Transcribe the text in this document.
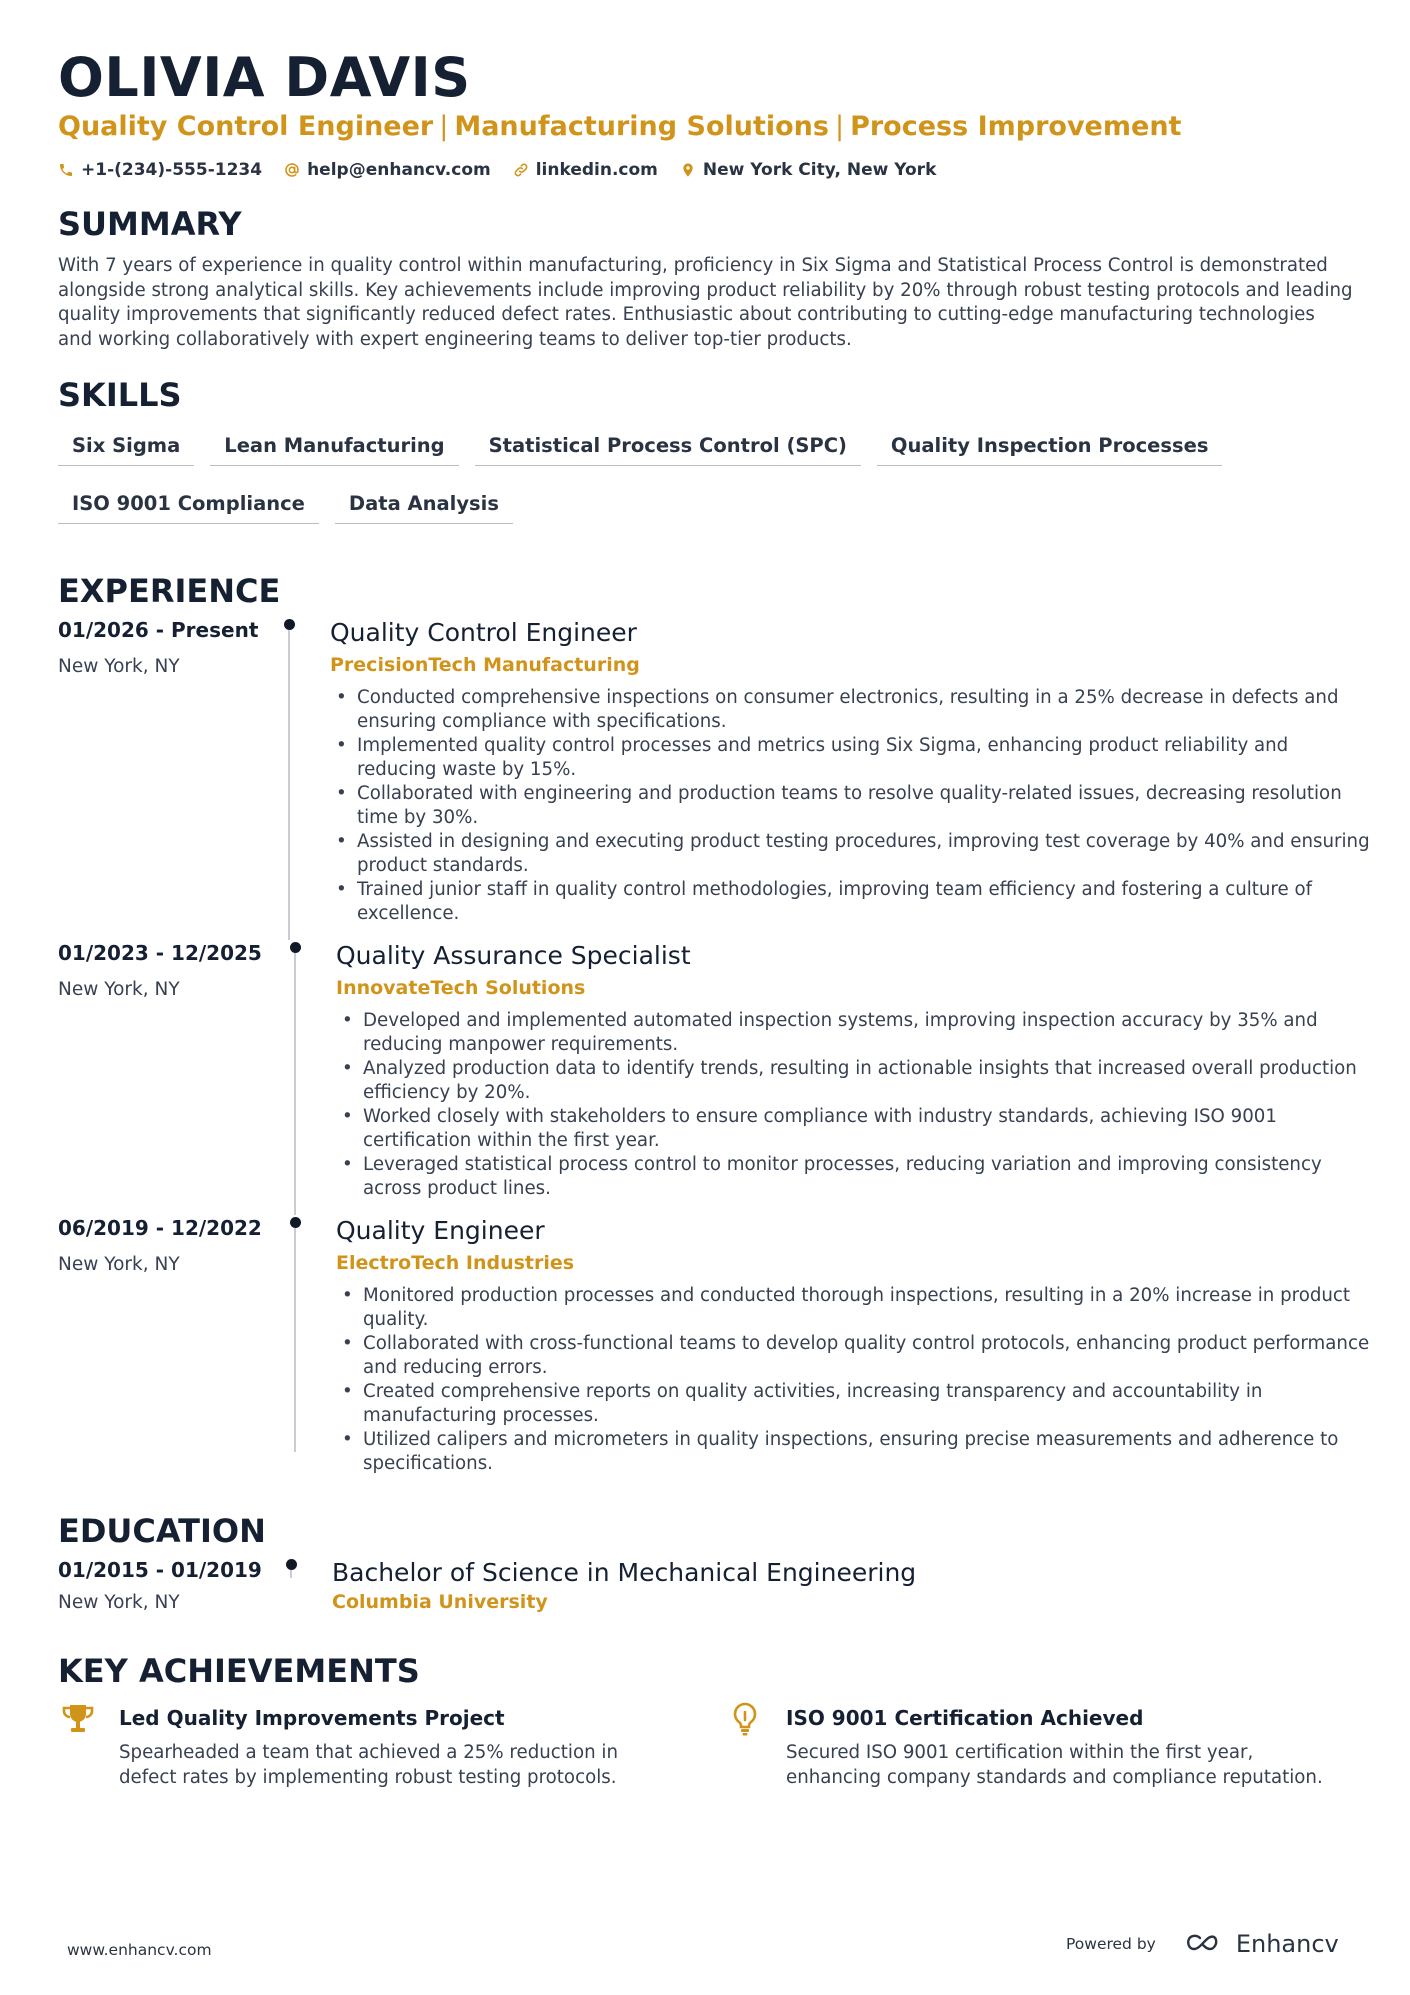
OLIVIA DAVIS
Quality Control Engineer | Manufacturing Solutions | Process Improvement
+1-(234)-555-1234	help@enhancv.com	linkedin.com	New York City, New York
SUMMARY
With 7 years of experience in quality control within manufacturing, proficiency in Six Sigma and Statistical Process Control is demonstrated alongside strong analytical skills. Key achievements include improving product reliability by 20% through robust testing protocols and leading quality improvements that significantly reduced defect rates. Enthusiastic about contributing to cutting-edge manufacturing technologies and working collaboratively with expert engineering teams to deliver top-tier products.
SKILLS
Six Sigma	Lean Manufacturing	Statistical Process Control (SPC)	Quality Inspection Processes
ISO 9001 Compliance	Data Analysis
EXPERIENCE
01/2026 - Present
New York, NY
Quality Control Engineer
PrecisionTech Manufacturing
• Conducted comprehensive inspections on consumer electronics, resulting in a 25% decrease in defects and ensuring compliance with specifications.
• Implemented quality control processes and metrics using Six Sigma, enhancing product reliability and reducing waste by 15%.
• Collaborated with engineering and production teams to resolve quality-related issues, decreasing resolution time by 30%.
• Assisted in designing and executing product testing procedures, improving test coverage by 40% and ensuring product standards.
• Trained junior staff in quality control methodologies, improving team efficiency and fostering a culture of excellence.
01/2023 - 12/2025
New York, NY
Quality Assurance Specialist
InnovateTech Solutions
• Developed and implemented automated inspection systems, improving inspection accuracy by 35% and reducing manpower requirements.
• Analyzed production data to identify trends, resulting in actionable insights that increased overall production efficiency by 20%.
• Worked closely with stakeholders to ensure compliance with industry standards, achieving ISO 9001 certification within the first year.
• Leveraged statistical process control to monitor processes, reducing variation and improving consistency across product lines.
06/2019 - 12/2022
New York, NY
Quality Engineer
ElectroTech Industries
• Monitored production processes and conducted thorough inspections, resulting in a 20% increase in product quality.
• Collaborated with cross-functional teams to develop quality control protocols, enhancing product performance and reducing errors.
• Created comprehensive reports on quality activities, increasing transparency and accountability in manufacturing processes.
• Utilized calipers and micrometers in quality inspections, ensuring precise measurements and adherence to specifications.
EDUCATION
01/2015 - 01/2019
New York, NY
Bachelor of Science in Mechanical Engineering
Columbia University
KEY ACHIEVEMENTS
Led Quality Improvements Project
Spearheaded a team that achieved a 25% reduction in defect rates by implementing robust testing protocols.
ISO 9001 Certification Achieved
Secured ISO 9001 certification within the first year, enhancing company standards and compliance reputation.
www.enhancv.com	Powered by	Enhancv
